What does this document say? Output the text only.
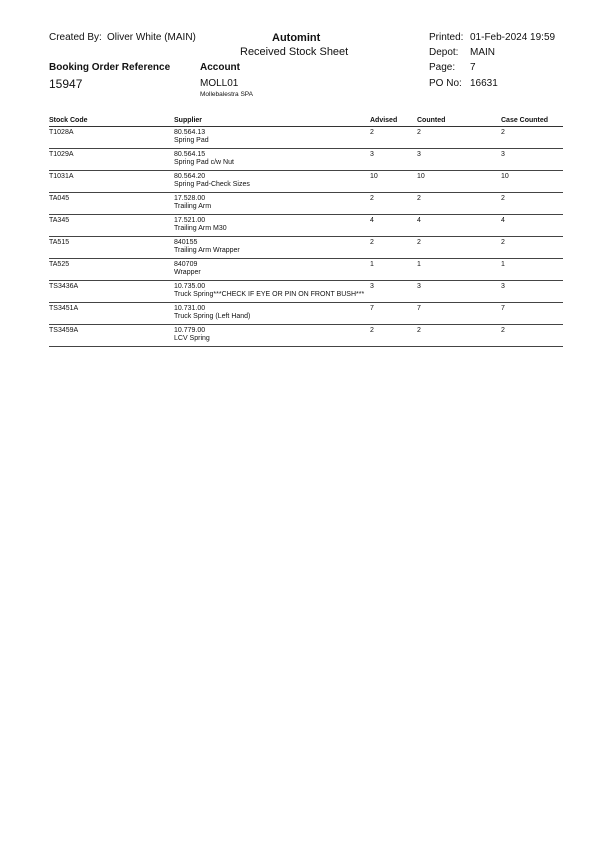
Created By: Oliver White (MAIN)	Automint
Received Stock Sheet
Printed: 01-Feb-2024 19:59
Depot: MAIN
Page: 7
PO No: 16631
Booking Order Reference
15947
Account
MOLL01
Mollebalestra SPA
Stock Code	Supplier	Advised	Counted	Case Counted
T1028A	80.564.13
Spring Pad	2	2	2
T1029A	80.564.15
Spring Pad c/w Nut	3	3	3
T1031A	80.564.20
Spring Pad-Check Sizes	10	10	10
TA045	17.528.00
Trailing Arm	2	2	2
TA345	17.521.00
Trailing Arm M30	4	4	4
TA515	840155
Trailing Arm Wrapper	2	2	2
TA525	840709
Wrapper	1	1	1
TS3436A	10.735.00
Truck Spring***CHECK IF EYE OR PIN ON FRONT BUSH***	3	3	3
TS3451A	10.731.00
Truck Spring (Left Hand)	7	7	7
TS3459A	10.779.00
LCV Spring	2	2	2
